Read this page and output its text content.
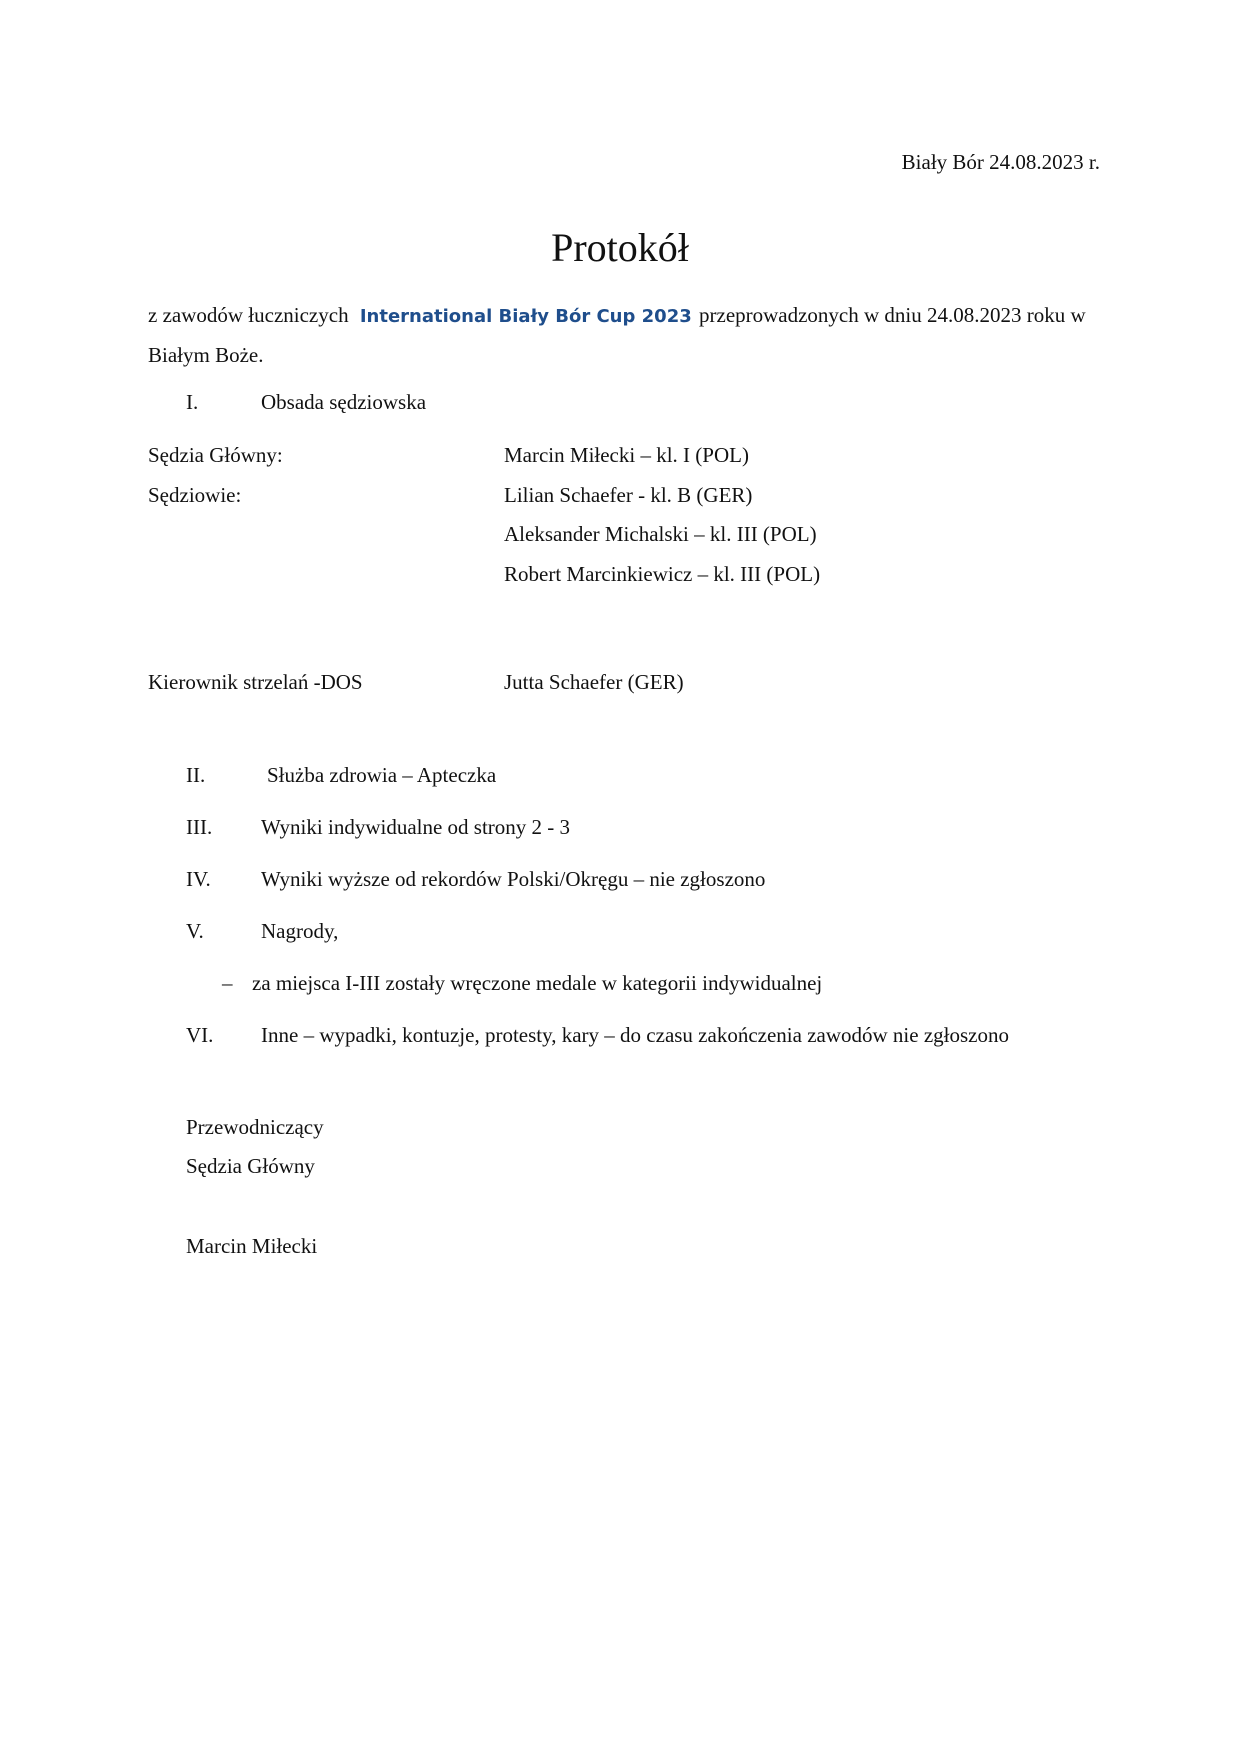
Biały Bór 24.08.2023 r.
Protokół
z zawodów łuczniczych International Biały Bór Cup 2023 przeprowadzonych w dniu 24.08.2023 roku w Białym Boże.
I.	Obsada sędziowska
Sędzia Główny:	Marcin Miłecki – kl. I (POL)
Sędziowie:	Lilian Schaefer - kl. B (GER)
Aleksander Michalski – kl. III (POL)
Robert Marcinkiewicz – kl. III (POL)
Kierownik strzelań -DOS	Jutta Schaefer (GER)
II.	Służba zdrowia – Apteczka
III. Wyniki indywidualne od strony 2 - 3
IV. Wyniki wyższe od rekordów Polski/Okręgu – nie zgłoszono
V.	Nagrody,
– za miejsca I-III zostały wręczone medale w kategorii indywidualnej
VI. Inne – wypadki, kontuzje, protesty, kary – do czasu zakończenia zawodów nie zgłoszono
Przewodniczący
Sędzia Główny
Marcin Miłecki
